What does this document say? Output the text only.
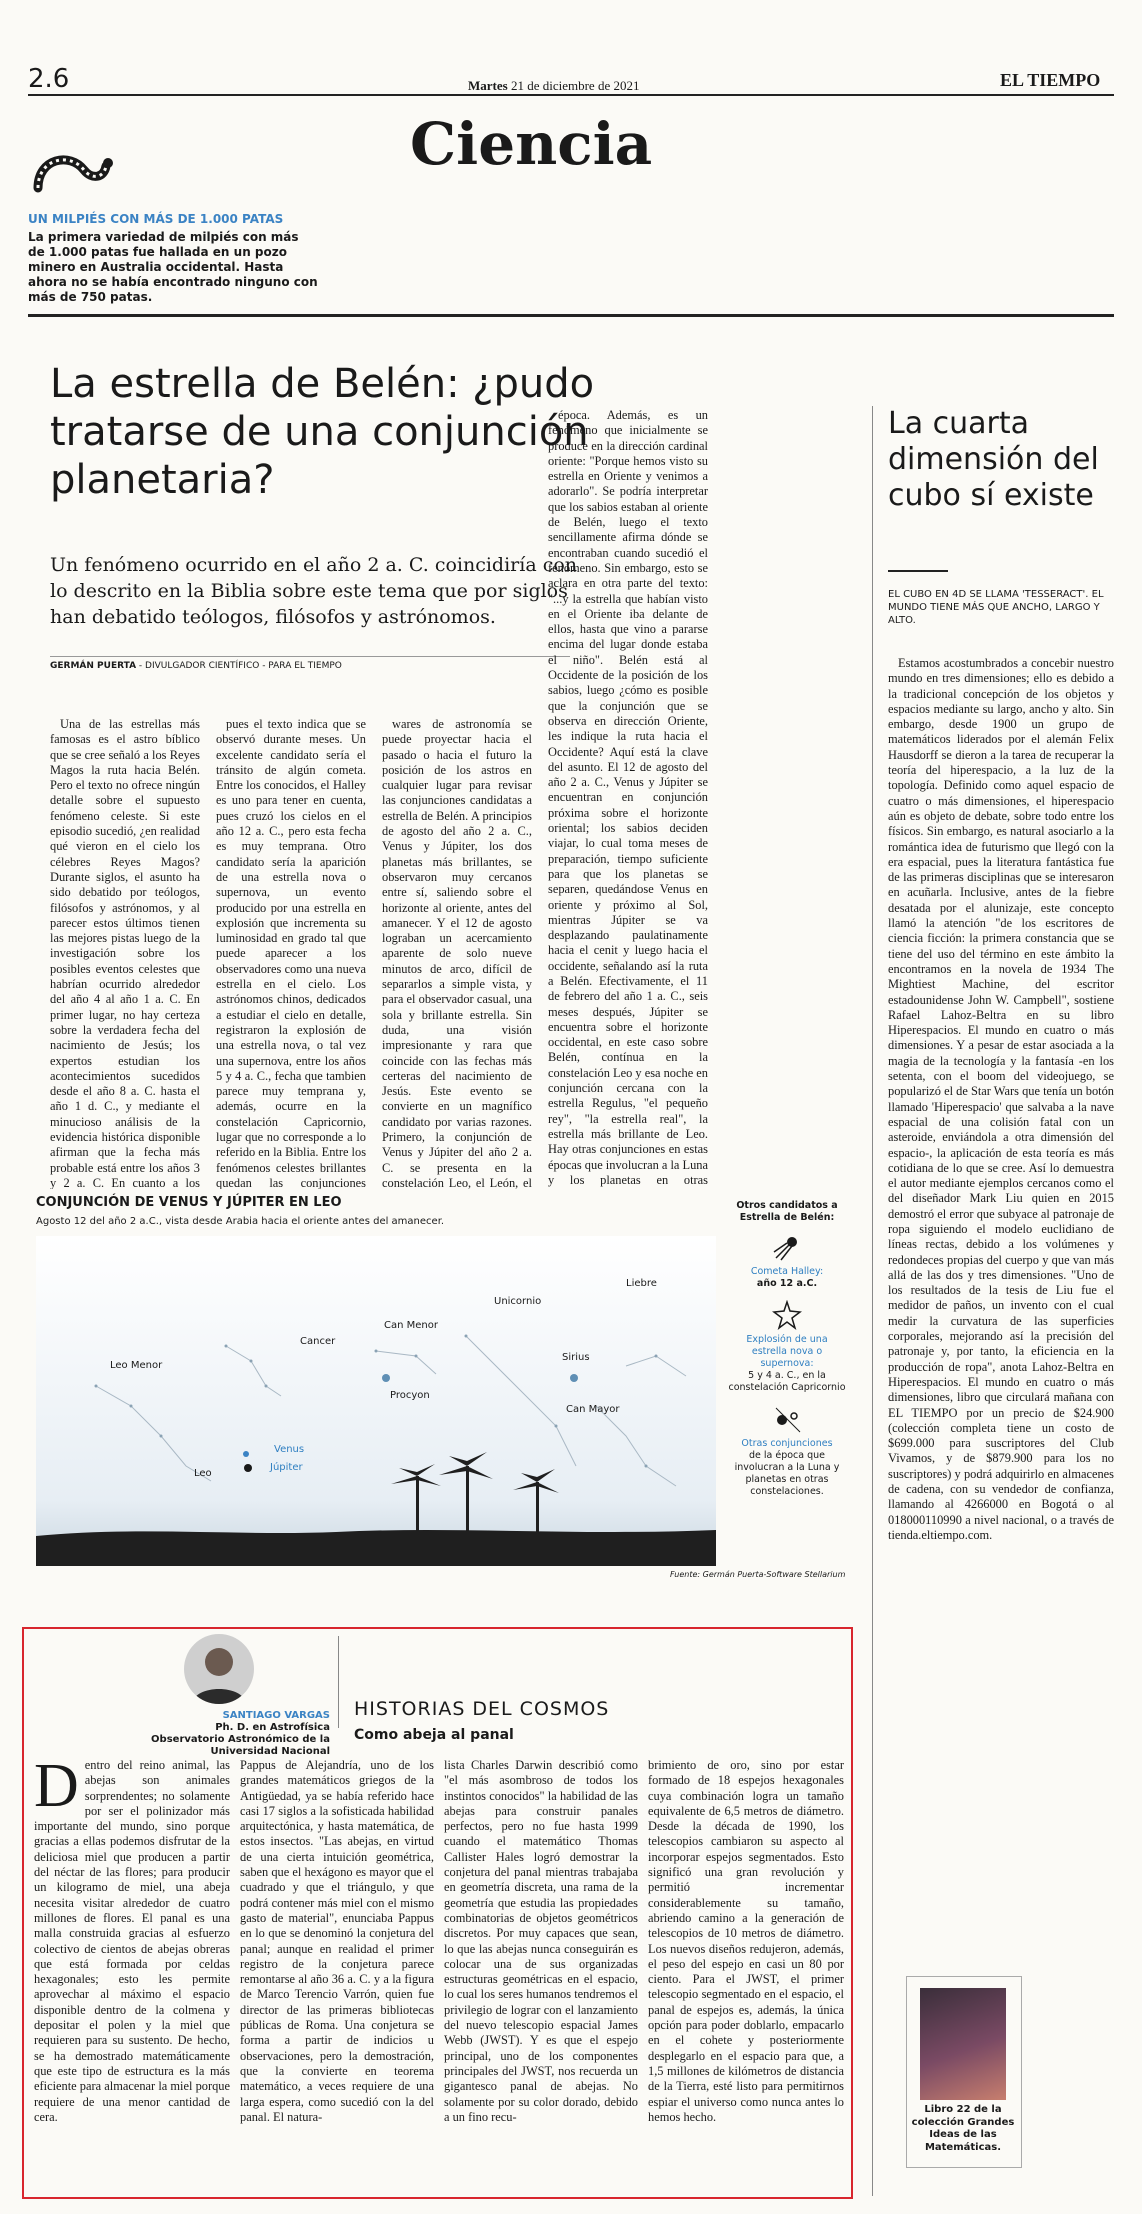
2.6	Martes 21 de diciembre de 2021	EL TIEMPO
Ciencia
UN MILPIÉS CON MÁS DE 1.000 PATAS
La primera variedad de milpiés con más de 1.000 patas fue hallada en un pozo minero en Australia occidental. Hasta ahora no se había encontrado ninguno con más de 750 patas.
La estrella de Belén: ¿pudo tratarse de una conjunción planetaria?
Un fenómeno ocurrido en el año 2 a. C. coincidiría con lo descrito en la Biblia sobre este tema que por siglos han debatido teólogos, filósofos y astrónomos.
GERMÁN PUERTA - DIVULGADOR CIENTÍFICO - PARA EL TIEMPO

Una de las estrellas más famosas es el astro bíblico que se cree señaló a los Reyes Magos la ruta hacia Belén. Pero el texto no ofrece ningún detalle sobre el supuesto fenómeno celeste. Si este episodio sucedió, ¿en realidad qué vieron en el cielo los célebres Reyes Magos? Durante siglos, el asunto ha sido debatido por teólogos, filósofos y astrónomos, y al parecer estos últimos tienen las mejores pistas luego de la investigación sobre los posibles eventos celestes que habrían ocurrido alrededor del año 4 al año 1 a. C. En primer lugar, no hay certeza sobre la verdadera fecha del nacimiento de Jesús; los expertos estudian los acontecimientos sucedidos desde el año 8 a. C. hasta el año 1 d. C., y mediante el minucioso análisis de la evidencia histórica disponible afirman que la fecha más probable está entre los años 3 y 2 a. C. En cuanto a los

pues el texto indica que se observó durante meses. Un excelente candidato sería el tránsito de algún cometa. Entre los conocidos, el Halley es uno para tener en cuenta, pues cruzó los cielos en el año 12 a. C., pero esta fecha es muy temprana. Otro candidato sería la aparición de una estrella nova o supernova, un evento producido por una estrella en explosión que incrementa su luminosidad en grado tal que puede aparecer a los observadores como una nueva estrella en el cielo. Los astrónomos chinos, dedicados a estudiar el cielo en detalle, registraron la explosión de una estrella nova, o tal vez una supernova, entre los años 5 y 4 a. C., fecha que tambien parece muy temprana y, además, ocurre en la constelación Capricornio, lugar que no corresponde a lo referido en la Biblia. Entre los fenómenos celestes brillantes quedan las conjunciones

wares de astronomía se puede proyectar hacia el pasado o hacia el futuro la posición de los astros en cualquier lugar para revisar las conjunciones candidatas a estrella de Belén. A principios de agosto del año 2 a. C., Venus y Júpiter, los dos planetas más brillantes, se observaron muy cercanos entre sí, saliendo sobre el horizonte al oriente, antes del amanecer. Y el 12 de agosto lograban un acercamiento aparente de solo nueve minutos de arco, difícil de separarlos a simple vista, y para el observador casual, una sola y brillante estrella. Sin duda, una visión impresionante y rara que coincide con las fechas más certeras del nacimiento de Jesús. Este evento se convierte en un magnífico candidato por varias razones. Primero, la conjunción de Venus y Júpiter del año 2 a. C. se presenta en la constelación Leo, el León, el

época. Además, es un fenómeno que inicialmente se produce en la dirección cardinal oriente: "Porque hemos visto su estrella en Oriente y venimos a adorarlo". Se podría interpretar que los sabios estaban al oriente de Belén, luego el texto sencillamente afirma dónde se encontraban cuando sucedió el fenómeno. Sin embargo, esto se aclara en otra parte del texto: "...y la estrella que habían visto en el Oriente iba delante de ellos, hasta que vino a pararse encima del lugar donde estaba el niño". Belén está al Occidente de la posición de los sabios, luego ¿cómo es posible que la conjunción que se observa en dirección Oriente, les indique la ruta hacia el Occidente? Aquí está la clave del asunto. El 12 de agosto del año 2 a. C., Venus y Júpiter se encuentran en conjunción próxima sobre el horizonte oriental; los sabios deciden viajar, lo cual toma meses de preparación, tiempo suficiente para que los planetas se separen, quedándose Venus en oriente y próximo al Sol, mientras Júpiter se va desplazando paulatinamente hacia el cenit y luego hacia el occidente, señalando así la ruta a Belén. Efectivamente, el 11 de febrero del año 1 a. C., seis meses después, Júpiter se encuentra sobre el horizonte occidental, en este caso sobre Belén, contínua en la constelación Leo y esa noche en conjunción cercana con la estrella Regulus, "el pequeño rey", "la estrella real", la estrella más brillante de Leo. Hay otras conjunciones en estas épocas que involucran a la Luna y los planetas en otras

La cuarta dimensión del cubo sí existe
EL CUBO EN 4D SE LLAMA 'TESSERACT'. EL MUNDO TIENE MÁS QUE ANCHO, LARGO Y ALTO.

Estamos acostumbrados a concebir nuestro mundo en tres dimensiones; ello es debido a la tradicional concepción de los objetos y espacios mediante su largo, ancho y alto. Sin embargo, desde 1900 un grupo de matemáticos liderados por el alemán Felix Hausdorff se dieron a la tarea de recuperar la teoría del hiperespacio, a la luz de la topología. Definido como aquel espacio de cuatro o más dimensiones, el hiperespacio aún es objeto de debate, sobre todo entre los físicos. Sin embargo, es natural asociarlo a la romántica idea de futurismo que llegó con la era espacial, pues la literatura fantástica fue de las primeras disciplinas que se interesaron en acuñarla. Inclusive, antes de la fiebre desatada por el alunizaje, este concepto llamó la atención "de los escritores de ciencia ficción: la primera constancia que se tiene del uso del término en este ámbito la encontramos en la novela de 1934 The Mightiest Machine, del escritor estadounidense John W. Campbell", sostiene Rafael Lahoz-Beltra en su libro Hiperespacios. El mundo en cuatro o más dimensiones. Y a pesar de estar asociada a la magia de la tecnología y la fantasía -en los setenta, con el boom del videojuego, se popularizó el de Star Wars que tenía un botón llamado 'Hiperespacio' que salvaba a la nave espacial de una colisión fatal con un asteroide, enviándola a otra dimensión del espacio-, la aplicación de esta teoría es más cotidiana de lo que se cree. Así lo demuestra el autor mediante ejemplos cercanos como el del diseñador Mark Liu quien en 2015 demostró el error que subyace al patronaje de ropa siguiendo el modelo euclidiano de líneas rectas, debido a los volúmenes y redondeces propias del cuerpo y que van más allá de las dos y tres dimensiones. "Uno de los resultados de la tesis de Liu fue el medidor de paños, un invento con el cual medir la curvatura de las superficies corporales, mejorando así la precisión del patronaje y, por tanto, la eficiencia en la producción de ropa", anota Lahoz-Beltra en Hiperespacios. El mundo en cuatro o más dimensiones, libro que circulará mañana con EL TIEMPO por un precio de $24.900 (colección completa tiene un costo de $699.000 para suscriptores del Club Vivamos, y de $879.900 para los no suscriptores) y podrá adquirirlo en almacenes de cadena, con su vendedor de confianza, llamando al 4266000 en Bogotá o al 018000110990 a nivel nacional, o a través de tienda.eltiempo.com.

Libro 22 de la colección Grandes Ideas de las Matemáticas.
CONJUNCIÓN DE VENUS Y JÚPITER EN LEO
Agosto 12 del año 2 a.C., vista desde Arabia hacia el oriente antes del amanecer.
Leo Menor
Leo
Cancer
Can Menor
Procyon
Unicornio
Liebre
Sirius
Can Mayor
Venus
Júpiter
Otros candidatos a Estrella de Belén:
Cometa Halley:
año 12 a.C.
Explosión de una estrella nova o supernova:
5 y 4 a. C., en la constelación Capricornio
Otras conjunciones
de la época que involucran a la Luna y planetas en otras constelaciones.
Fuente: Germán Puerta-Software Stellarium
SANTIAGO VARGAS
Ph. D. en Astrofísica
Observatorio Astronómico de la Universidad Nacional
HISTORIAS DEL COSMOS
Como abeja al panal
Dentro del reino animal, las abejas son animales sorprendentes; no solamente por ser el polinizador más importante del mundo, sino porque gracias a ellas podemos disfrutar de la deliciosa miel que producen a partir del néctar de las flores; para producir un kilogramo de miel, una abeja necesita visitar alrededor de cuatro millones de flores. El panal es una malla construida gracias al esfuerzo colectivo de cientos de abejas obreras que está formada por celdas hexagonales; esto les permite aprovechar al máximo el espacio disponible dentro de la colmena y depositar el polen y la miel que requieren para su sustento. De hecho, se ha demostrado matemáticamente que este tipo de estructura es la más eficiente para almacenar la miel porque requiere de una menor cantidad de cera.
Pappus de Alejandría, uno de los grandes matemáticos griegos de la Antigüedad, ya se había referido hace casi 17 siglos a la sofisticada habilidad arquitectónica, y hasta matemática, de estos insectos. "Las abejas, en virtud de una cierta intuición geométrica, saben que el hexágono es mayor que el cuadrado y que el triángulo, y que podrá contener más miel con el mismo gasto de material", enunciaba Pappus en lo que se denominó la conjetura del panal; aunque en realidad el primer registro de la conjetura parece remontarse al año 36 a. C. y a la figura de Marco Terencio Varrón, quien fue director de las primeras bibliotecas públicas de Roma. Una conjetura se forma a partir de indicios u observaciones, pero la demostración, que la convierte en teorema matemático, a veces requiere de una larga espera, como sucedió con la del panal. El natura-
lista Charles Darwin describió como "el más asombroso de todos los instintos conocidos" la habilidad de las abejas para construir panales perfectos, pero no fue hasta 1999 cuando el matemático Thomas Callister Hales logró demostrar la conjetura del panal mientras trabajaba en geometría discreta, una rama de la geometría que estudia las propiedades combinatorias de objetos geométricos discretos. Por muy capaces que sean, lo que las abejas nunca conseguirán es colocar una de sus organizadas estructuras geométricas en el espacio, lo cual los seres humanos tendremos el privilegio de lograr con el lanzamiento del nuevo telescopio espacial James Webb (JWST). Y es que el espejo principal, uno de los componentes principales del JWST, nos recuerda un gigantesco panal de abejas. No solamente por su color dorado, debido a un fino recu-
brimiento de oro, sino por estar formado de 18 espejos hexagonales cuya combinación logra un tamaño equivalente de 6,5 metros de diámetro. Desde la década de 1990, los telescopios cambiaron su aspecto al incorporar espejos segmentados. Esto significó una gran revolución y permitió incrementar considerablemente su tamaño, abriendo camino a la generación de telescopios de 10 metros de diámetro. Los nuevos diseños redujeron, además, el peso del espejo en casi un 80 por ciento. Para el JWST, el primer telescopio segmentado en el espacio, el panal de espejos es, además, la única opción para poder doblarlo, empacarlo en el cohete y posteriormente desplegarlo en el espacio para que, a 1,5 millones de kilómetros de distancia de la Tierra, esté listo para permitirnos espiar el universo como nunca antes lo hemos hecho.
